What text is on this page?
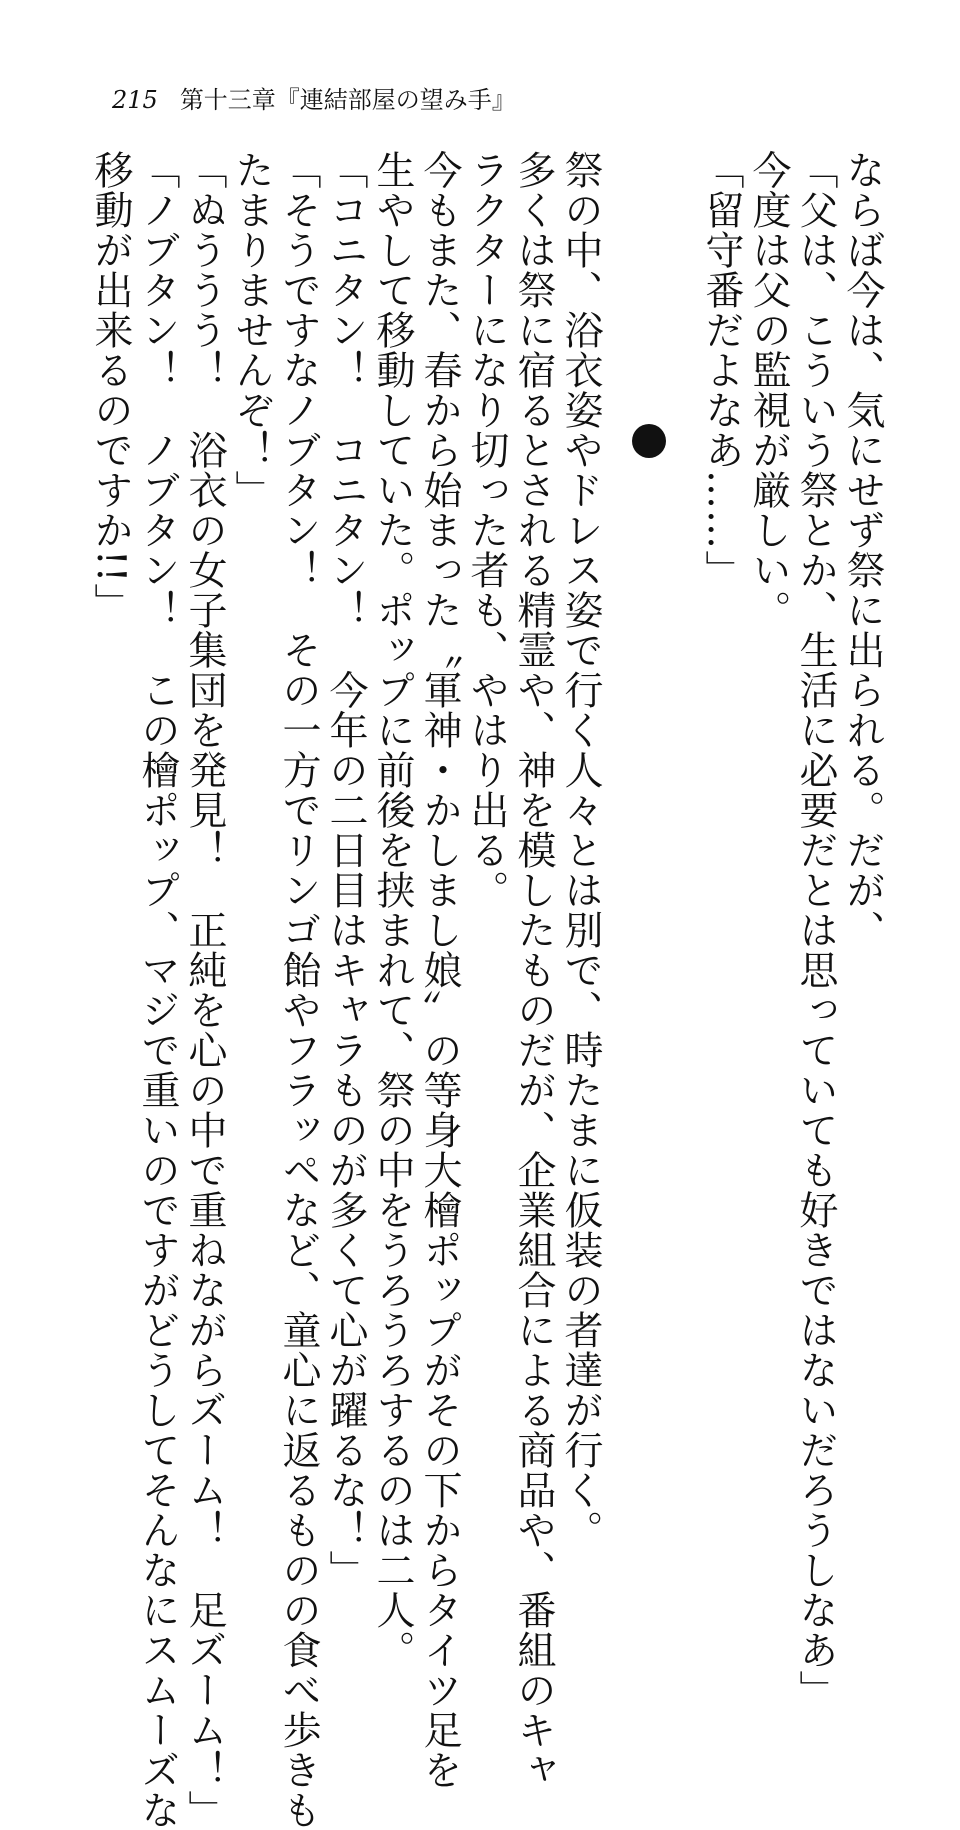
215 第十三章『連結部屋の望み手』
ならば今は、気にせず祭に出られる。だが、
「父は、こういう祭とか、生活に必要だとは思っていても好きではないだろうしなあ」
今度は父の監視が厳しい。
「留守番だよなあ……」
祭の中、浴衣姿やドレス姿で行く人々とは別で、時たまに仮装の者達が行く。
多くは祭に宿るとされる精霊や、神を模したものだが、企業組合による商品や、番組のキャ
ラクターになり切った者も、やはり出る。
今もまた、春から始まった〝軍神・かしまし娘〟の等身大檜ポップがその下からタイツ足を
生やして移動していた。ポップに前後を挟まれて、祭の中をうろうろするのは二人。
「コニタン！　コニタン！　今年の二日目はキャラものが多くて心が躍るな！」
「そうですなノブタン！　その一方でリンゴ飴やフラッペなど、童心に返るものの食べ歩きも
たまりませんぞ！」
「ぬううう！　浴衣の女子集団を発見！　正純を心の中で重ねながらズーム！　足ズーム！」
「ノブタン！　ノブタン！　この檜ポップ、マジで重いのですがどうしてそんなにスムーズな
移動が出来るのですか!!」
